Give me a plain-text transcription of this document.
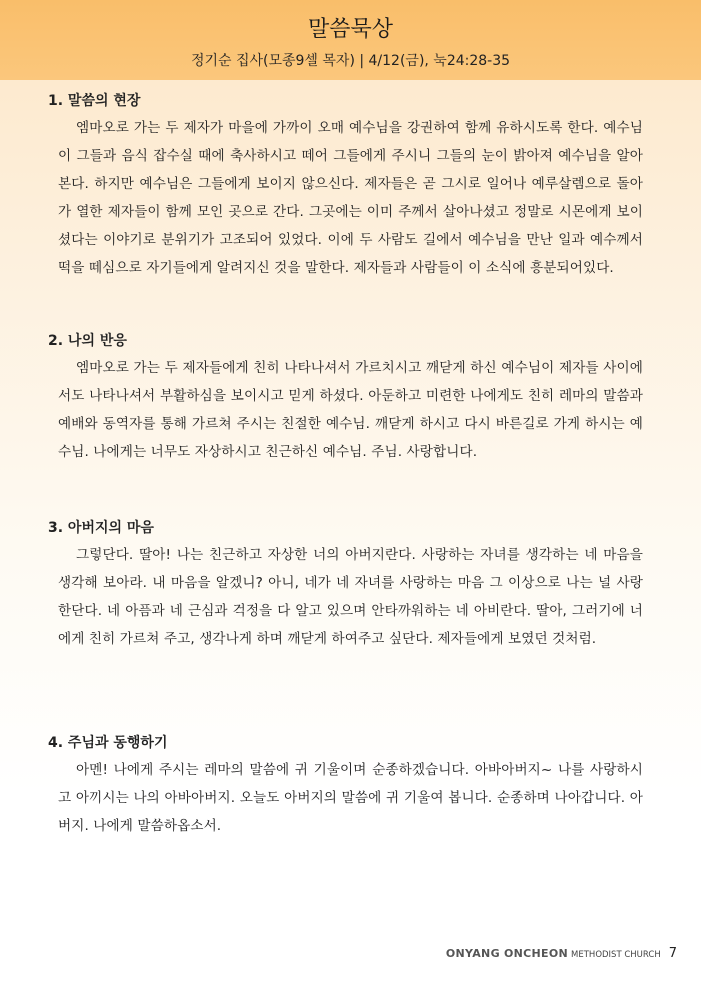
말씀묵상
정기순 집사(모종9셀 목자) | 4/12(금), 눅24:28-35

1. 말씀의 현장

엠마오로 가는 두 제자가 마을에 가까이 오매 예수님을 강권하여 함께 유하시도록 한다. 예수님이 그들과 음식 잡수실 때에 축사하시고 떼어 그들에게 주시니 그들의 눈이 밝아져 예수님을 알아본다. 하지만 예수님은 그들에게 보이지 않으신다. 제자들은 곧 그시로 일어나 예루살렘으로 돌아가 열한 제자들이 함께 모인 곳으로 간다. 그곳에는 이미 주께서 살아나셨고 정말로 시몬에게 보이셨다는 이야기로 분위기가 고조되어 있었다. 이에 두 사람도 길에서 예수님을 만난 일과 예수께서 떡을 떼심으로 자기들에게 알려지신 것을 말한다. 제자들과 사람들이 이 소식에 흥분되어있다.

2. 나의 반응

엠마오로 가는 두 제자들에게 친히 나타나셔서 가르치시고 깨닫게 하신 예수님이 제자들 사이에서도 나타나셔서 부활하심을 보이시고 믿게 하셨다. 아둔하고 미련한 나에게도 친히 레마의 말씀과 예배와 동역자를 통해 가르쳐 주시는 친절한 예수님. 깨닫게 하시고 다시 바른길로 가게 하시는 예수님. 나에게는 너무도 자상하시고 친근하신 예수님. 주님. 사랑합니다.

3. 아버지의 마음

그렇단다. 딸아! 나는 친근하고 자상한 너의 아버지란다. 사랑하는 자녀를 생각하는 네 마음을 생각해 보아라. 내 마음을 알겠니? 아니, 네가 네 자녀를 사랑하는 마음 그 이상으로 나는 널 사랑한단다. 네 아픔과 네 근심과 걱정을 다 알고 있으며 안타까워하는 네 아비란다. 딸아, 그러기에 너에게 친히 가르쳐 주고, 생각나게 하며 깨닫게 하여주고 싶단다. 제자들에게 보였던 것처럼.

4. 주님과 동행하기

아멘! 나에게 주시는 레마의 말씀에 귀 기울이며 순종하겠습니다. 아바아버지~ 나를 사랑하시고 아끼시는 나의 아바아버지. 오늘도 아버지의 말씀에 귀 기울여 봅니다. 순종하며 나아갑니다. 아버지. 나에게 말씀하옵소서.

ONYANG ONCHEON METHODIST CHURCH 7
